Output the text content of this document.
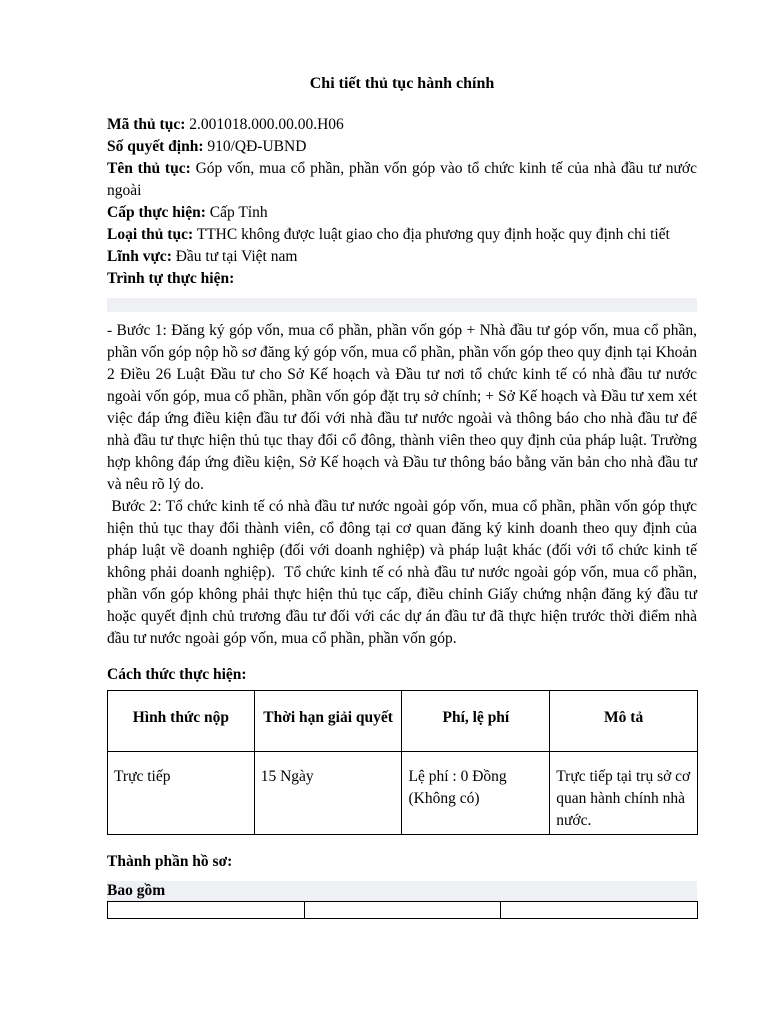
Chi tiết thủ tục hành chính

Mã thủ tục: 2.001018.000.00.00.H06

Số quyết định: 910/QĐ-UBND

Tên thủ tục: Góp vốn, mua cổ phần, phần vốn góp vào tổ chức kinh tế của nhà đầu tư nước ngoài

Cấp thực hiện: Cấp Tỉnh

Loại thủ tục: TTHC không được luật giao cho địa phương quy định hoặc quy định chi tiết

Lĩnh vực: Đầu tư tại Việt nam

Trình tự thực hiện:

- Bước 1: Đăng ký góp vốn, mua cổ phần, phần vốn góp + Nhà đầu tư góp vốn, mua cổ phần, phần vốn góp nộp hồ sơ đăng ký góp vốn, mua cổ phần, phần vốn góp theo quy định tại Khoản 2 Điều 26 Luật Đầu tư cho Sở Kế hoạch và Đầu tư nơi tổ chức kinh tế có nhà đầu tư nước ngoài vốn góp, mua cổ phần, phần vốn góp đặt trụ sở chính; + Sở Kế hoạch và Đầu tư xem xét việc đáp ứng điều kiện đầu tư đối với nhà đầu tư nước ngoài và thông báo cho nhà đầu tư để nhà đầu tư thực hiện thủ tục thay đổi cổ đông, thành viên theo quy định của pháp luật. Trường hợp không đáp ứng điều kiện, Sở Kế hoạch và Đầu tư thông báo bằng văn bản cho nhà đầu tư và nêu rõ lý do.

Bước 2: Tổ chức kinh tế có nhà đầu tư nước ngoài góp vốn, mua cổ phần, phần vốn góp thực hiện thủ tục thay đổi thành viên, cổ đông tại cơ quan đăng ký kinh doanh theo quy định của pháp luật về doanh nghiệp (đối với doanh nghiệp) và pháp luật khác (đối với tổ chức kinh tế không phải doanh nghiệp).  Tổ chức kinh tế có nhà đầu tư nước ngoài góp vốn, mua cổ phần, phần vốn góp không phải thực hiện thủ tục cấp, điều chỉnh Giấy chứng nhận đăng ký đầu tư hoặc quyết định chủ trương đầu tư đối với các dự án đầu tư đã thực hiện trước thời điểm nhà đầu tư nước ngoài góp vốn, mua cổ phần, phần vốn góp.

Cách thức thực hiện:

Hình thức nộp	Thời hạn giải quyết	Phí, lệ phí	Mô tả
Trực tiếp	15 Ngày	Lệ phí : 0 Đồng (Không có)	Trực tiếp tại trụ sở cơ quan hành chính nhà nước.

Thành phần hồ sơ:

Bao gồm
